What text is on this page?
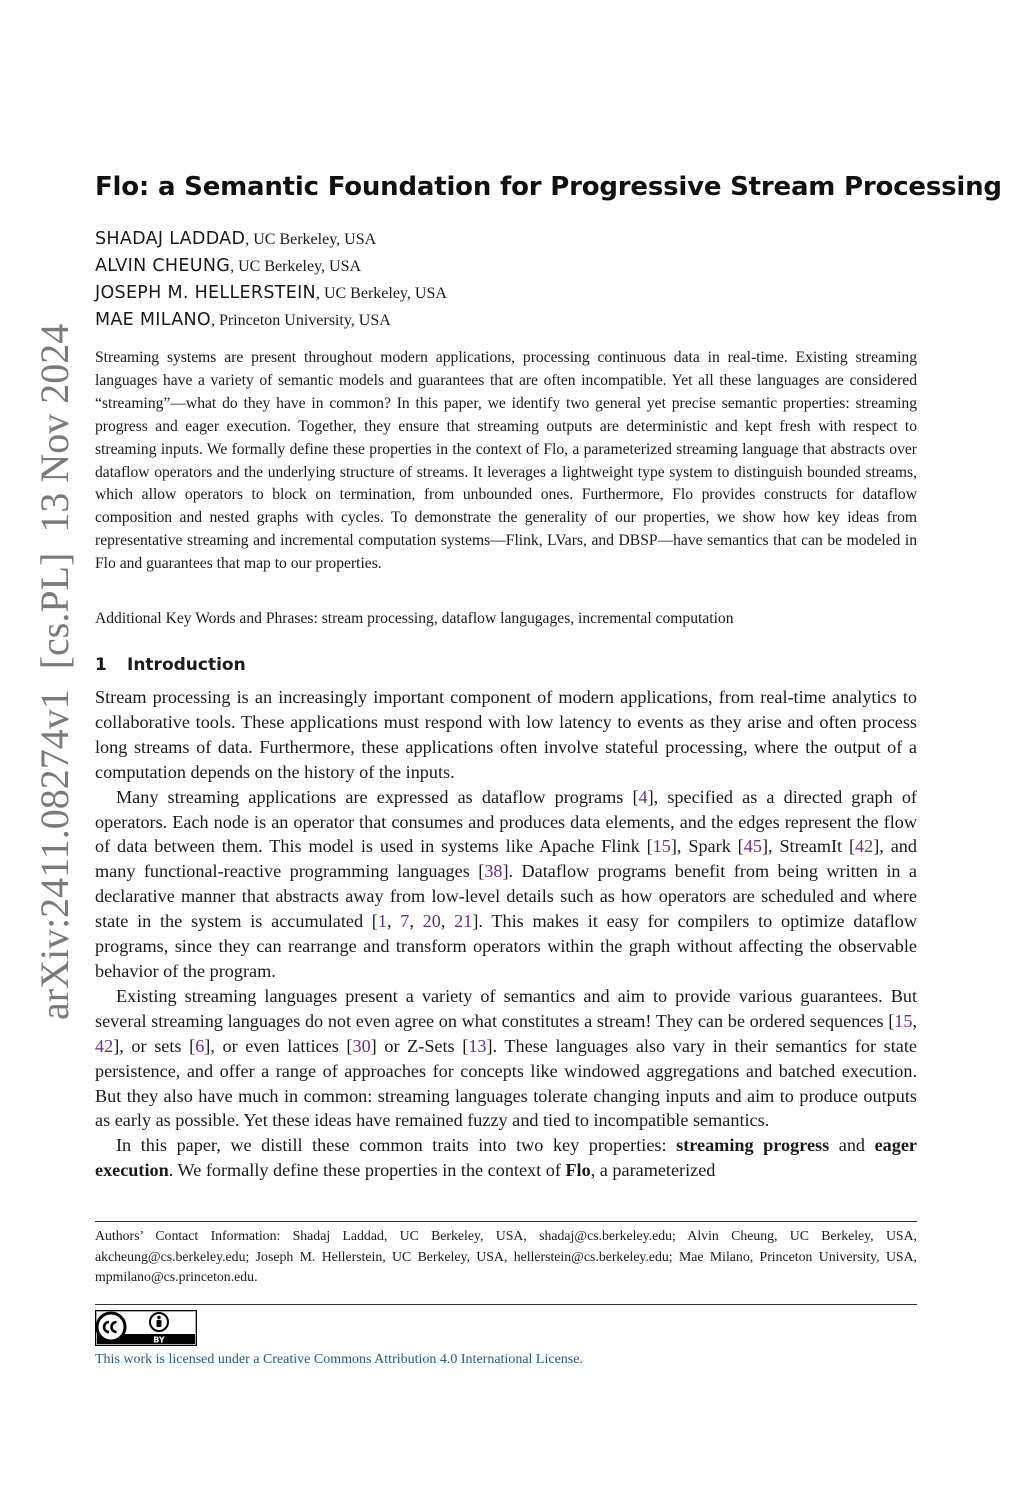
arXiv:2411.08274v1  [cs.PL]  13 Nov 2024
Flo: a Semantic Foundation for Progressive Stream Processing
SHADAJ LADDAD, UC Berkeley, USA
ALVIN CHEUNG, UC Berkeley, USA
JOSEPH M. HELLERSTEIN, UC Berkeley, USA
MAE MILANO, Princeton University, USA

Streaming systems are present throughout modern applications, processing continuous data in real-time. Existing streaming languages have a variety of semantic models and guarantees that are often incompatible. Yet all these languages are considered “streaming”—what do they have in common? In this paper, we identify two general yet precise semantic properties: streaming progress and eager execution. Together, they ensure that streaming outputs are deterministic and kept fresh with respect to streaming inputs. We formally define these properties in the context of Flo, a parameterized streaming language that abstracts over dataflow operators and the underlying structure of streams. It leverages a lightweight type system to distinguish bounded streams, which allow operators to block on termination, from unbounded ones. Furthermore, Flo provides constructs for dataflow composition and nested graphs with cycles. To demonstrate the generality of our properties, we show how key ideas from representative streaming and incremental computation systems—Flink, LVars, and DBSP—have semantics that can be modeled in Flo and guarantees that map to our properties.

Additional Key Words and Phrases: stream processing, dataflow langugages, incremental computation

1 Introduction

Stream processing is an increasingly important component of modern applications, from real-time analytics to collaborative tools. These applications must respond with low latency to events as they arise and often process long streams of data. Furthermore, these applications often involve stateful processing, where the output of a computation depends on the history of the inputs.

Many streaming applications are expressed as dataflow programs [4], specified as a directed graph of operators. Each node is an operator that consumes and produces data elements, and the edges represent the flow of data between them. This model is used in systems like Apache Flink [15], Spark [45], StreamIt [42], and many functional-reactive programming languages [38]. Dataflow programs benefit from being written in a declarative manner that abstracts away from low-level details such as how operators are scheduled and where state in the system is accumulated [1, 7, 20, 21]. This makes it easy for compilers to optimize dataflow programs, since they can rearrange and transform operators within the graph without affecting the observable behavior of the program.

Existing streaming languages present a variety of semantics and aim to provide various guarantees. But several streaming languages do not even agree on what constitutes a stream! They can be ordered sequences [15, 42], or sets [6], or even lattices [30] or Z-Sets [13]. These languages also vary in their semantics for state persistence, and offer a range of approaches for concepts like windowed aggregations and batched execution. But they also have much in common: streaming languages tolerate changing inputs and aim to produce outputs as early as possible. Yet these ideas have remained fuzzy and tied to incompatible semantics.

In this paper, we distill these common traits into two key properties: streaming progress and eager execution. We formally define these properties in the context of Flo, a parameterized

Authors’ Contact Information: Shadaj Laddad, UC Berkeley, USA, shadaj@cs.berkeley.edu; Alvin Cheung, UC Berkeley, USA, akcheung@cs.berkeley.edu; Joseph M. Hellerstein, UC Berkeley, USA, hellerstein@cs.berkeley.edu; Mae Milano, Princeton University, USA, mpmilano@cs.princeton.edu.

BY
This work is licensed under a Creative Commons Attribution 4.0 International License.
